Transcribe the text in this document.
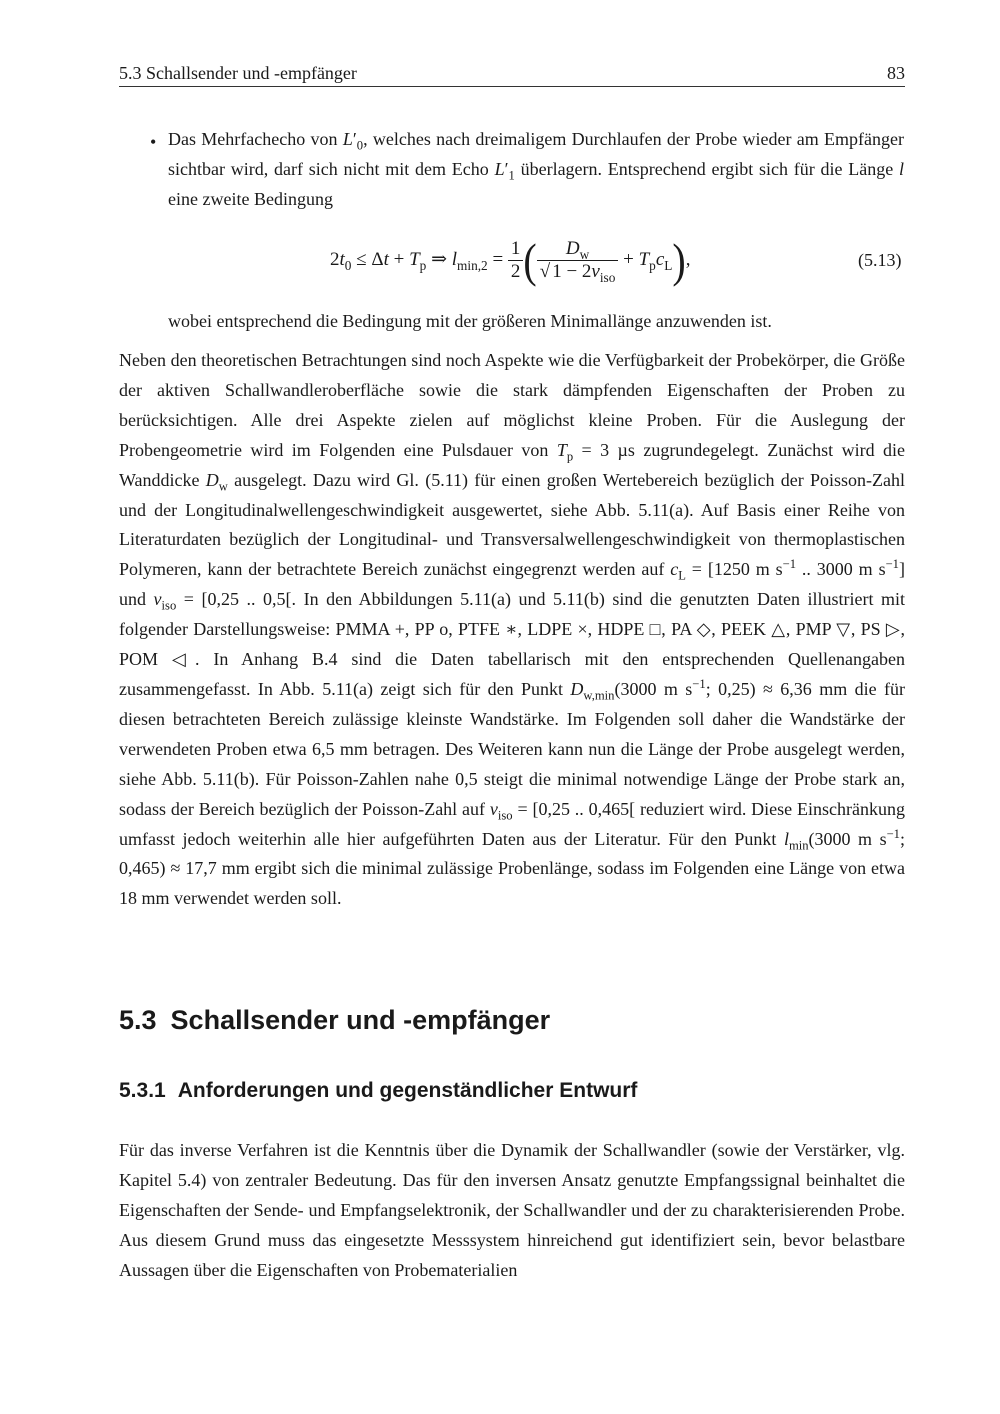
5.3 Schallsender und -empfänger	83
• Das Mehrfachecho von $L'_0$, welches nach dreimaligem Durchlaufen der Probe wieder am Empfänger sichtbar wird, darf sich nicht mit dem Echo $L'_1$ überlagern. Entsprechend ergibt sich für die Länge l eine zweite Bedingung
$2t_0 \le \Delta t + T_p$ ⇒ $l_{min,2} = \frac{1}{2}$ ( $\frac{D_w}{√ 1 - 2\nu_{iso}} + T_pc_L$),	(5.13)
wobei entsprechend die Bedingung mit der größeren Minimallänge anzuwenden ist.
Neben den theoretischen Betrachtungen sind noch Aspekte wie die Verfügbarkeit der Probekörper, die Größe der aktiven Schallwandleroberfläche sowie die stark dämpfenden Eigenschaften der Proben zu berücksichtigen. Alle drei Aspekte zielen auf möglichst kleine Proben. Für die Auslegung der Probengeometrie wird im Folgenden eine Pulsdauer von $T_p = 3$ µs zugrundegelegt. Zunächst wird die Wanddicke $D_w$ ausgelegt. Dazu wird Gl. (5.11) für einen großen Wertebereich bezüglich der Poisson-Zahl und der Longitudinalwellengeschwindigkeit ausgewertet, siehe Abb. 5.11(a). Auf Basis einer Reihe von Literaturdaten bezüglich der Longitudinal- und Transversalwellengeschwindigkeit von thermoplastischen Polymeren, kann der betrachtete Bereich zunächst eingegrenzt werden auf $c_L = [1250$ m $s^{-1}$ .. 3000 m $s^{-1}$] und $\nu_{iso} = [0,25$ .. 0,5[. In den Abbildungen 5.11(a) und 5.11(b) sind die genutzten Daten illustriert mit folgender Darstellungsweise: PMMA +, PP o, PTFE ∗, LDPE ×, HDPE □, PA ◇, PEEK △, PMP ▽, PS ▷, POM ◁. In Anhang B.4 sind die Daten tabellarisch mit den entsprechenden Quellenangaben zusammengefasst. In Abb. 5.11(a) zeigt sich für den Punkt $D_{w,min}(3000$ m $s^{-1}$; 0,25) ≈ 6,36 mm die für diesen betrachteten Bereich zulässige kleinste Wandstärke. Im Folgenden soll daher die Wandstärke der verwendeten Proben etwa 6,5 mm betragen. Des Weiteren kann nun die Länge der Probe ausgelegt werden, siehe Abb. 5.11(b). Für Poisson-Zahlen nahe 0,5 steigt die minimal notwendige Länge der Probe stark an, sodass der Bereich bezüglich der Poisson-Zahl auf $\nu_{iso} = [0,25$ .. 0,465[ reduziert wird. Diese Einschränkung umfasst jedoch weiterhin alle hier aufgeführten Daten aus der Literatur. Für den Punkt $l_{min}(3000$ m $s^{-1}$; 0,465) ≈ 17,7 mm ergibt sich die minimal zulässige Probenlänge, sodass im Folgenden eine Länge von etwa 18 mm verwendet werden soll.
5.3 Schallsender und -empfänger
5.3.1 Anforderungen und gegenständlicher Entwurf
Für das inverse Verfahren ist die Kenntnis über die Dynamik der Schallwandler (sowie der Verstärker, vlg. Kapitel 5.4) von zentraler Bedeutung. Das für den inversen Ansatz genutzte Empfangssignal beinhaltet die Eigenschaften der Sende- und Empfangselektronik, der Schallwandler und der zu charakterisierenden Probe. Aus diesem Grund muss das eingesetzte Messsystem hinreichend gut identifiziert sein, bevor belastbare Aussagen über die Eigenschaften von Probematerialien
